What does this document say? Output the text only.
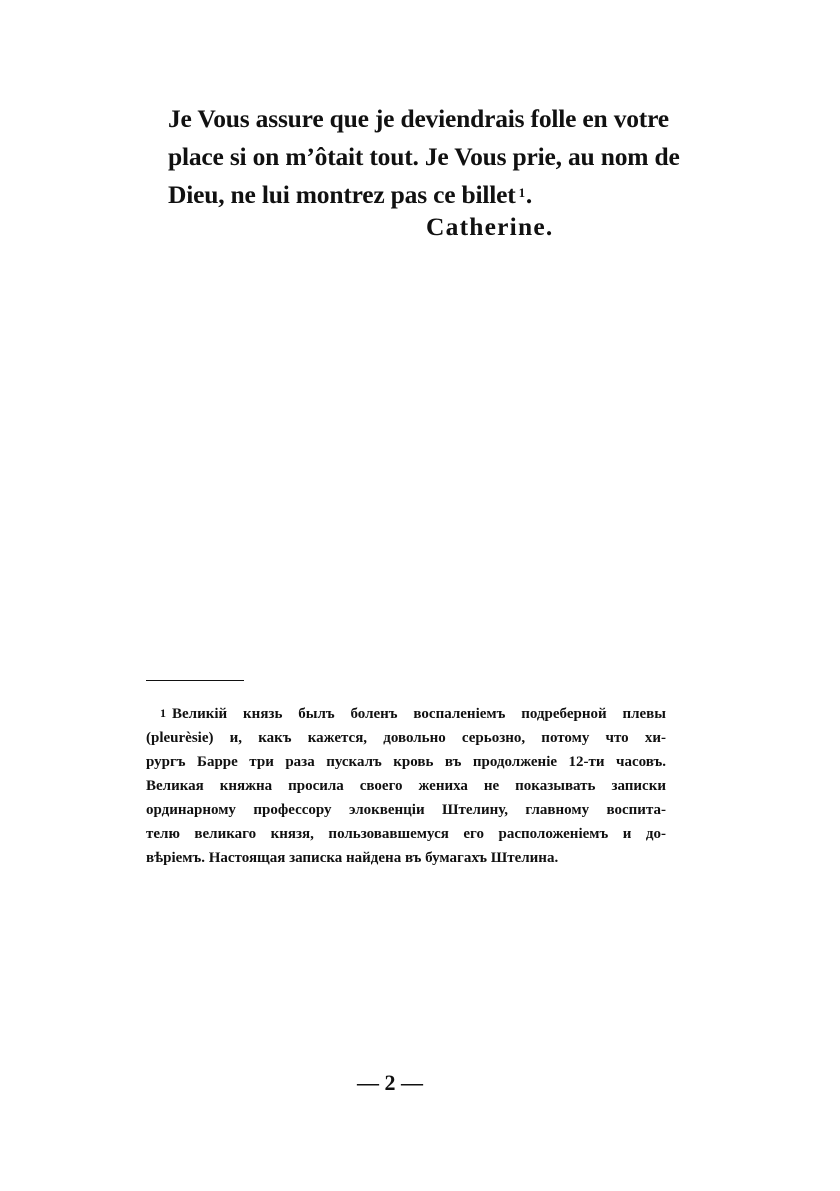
Je Vous assure que je deviendrais folle en votre
place si on m’ôtait tout. Je Vous prie, au nom de
Dieu, ne lui montrez pas ce billet $^1$.
Catherine.
1 Великій князь былъ боленъ воспаленіемъ подреберной плевы
(pleurèsie) и, какъ кажется, довольно серьозно, потому что хи-
рургъ Барре три раза пускалъ кровь въ продолженіе 12-ти часовъ.
Великая княжна просила своего жениха не показывать записки
ординарному профессору элоквенціи Штелину, главному воспита-
телю великаго князя, пользовавшемуся его расположеніемъ и до-
вѣріемъ. Настоящая записка найдена въ бумагахъ Штелина.
— 2 —
